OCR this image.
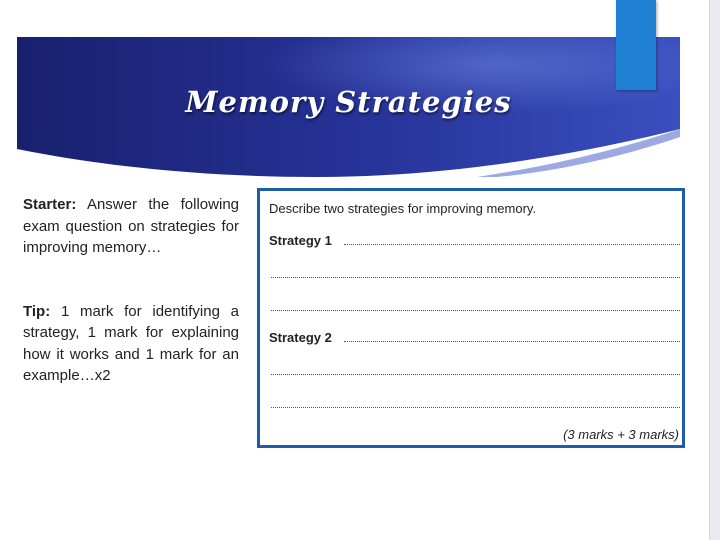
Memory Strategies

Starter: Answer the following exam question on strategies for improving memory…

Tip: 1 mark for identifying a strategy, 1 mark for explaining how it works and 1 mark for an example…x2

Describe two strategies for improving memory.
Strategy 1
Strategy 2
(3 marks + 3 marks)
